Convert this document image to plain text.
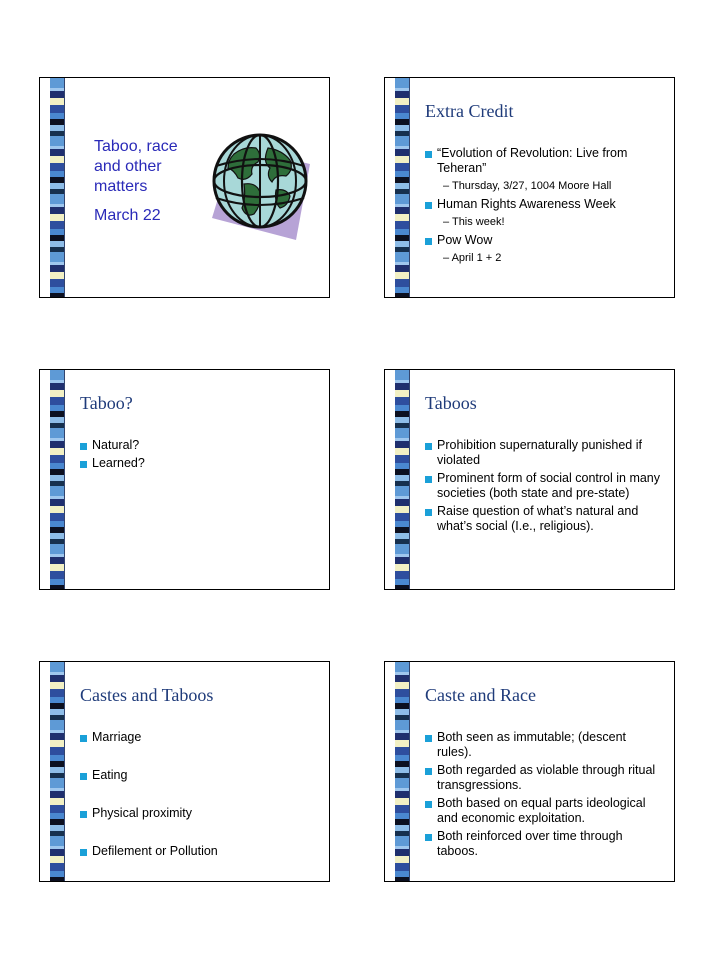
Taboo, race and other matters
March 22
Extra Credit
“Evolution of Revolution: Live from Teheran”
– Thursday, 3/27, 1004 Moore Hall
Human Rights Awareness Week
– This week!
Pow Wow
– April 1 + 2
Taboo?
Natural?
Learned?
Taboos
Prohibition supernaturally punished if violated
Prominent form of social control in many societies (both state and pre-state)
Raise question of what’s natural and what’s social (I.e., religious).
Castes and Taboos
Marriage
Eating
Physical proximity
Defilement or Pollution
Caste and Race
Both seen as immutable; (descent rules).
Both regarded as violable through ritual transgressions.
Both based on equal parts ideological and economic exploitation.
Both reinforced over time through taboos.
